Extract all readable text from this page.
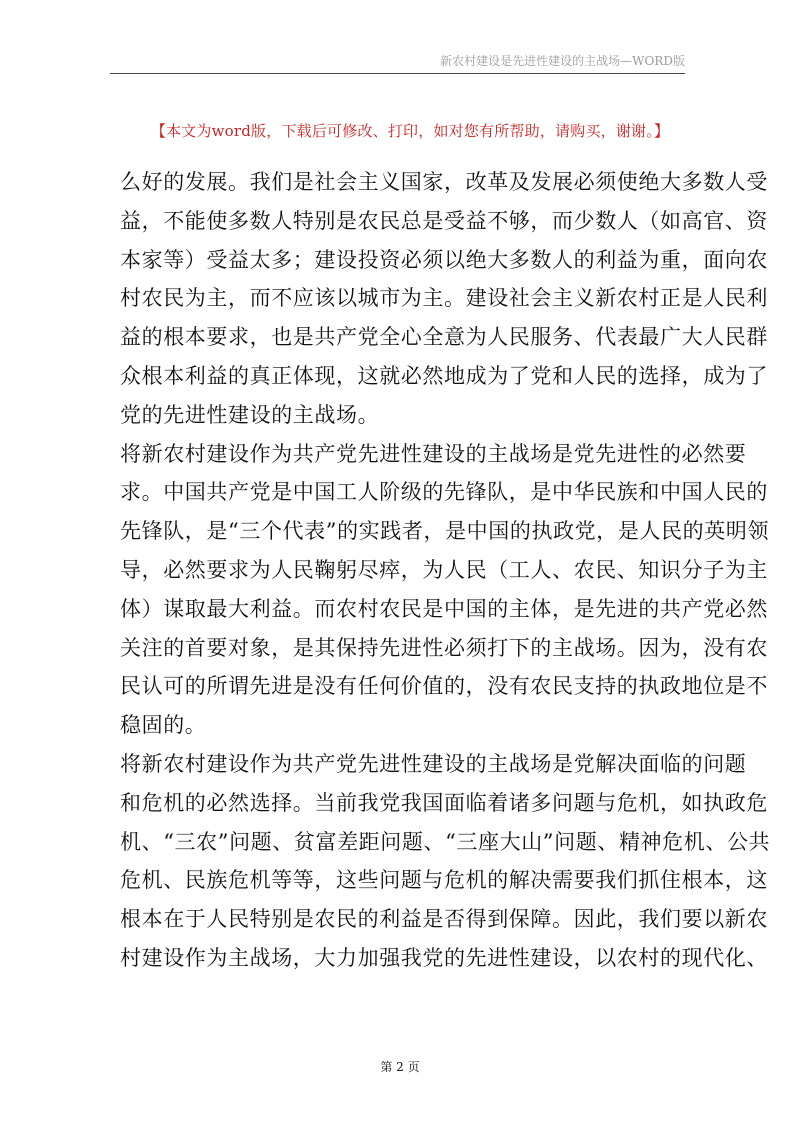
新农村建设是先进性建设的主战场—WORD版
【本文为word版，下载后可修改、打印，如对您有所帮助，请购买，谢谢。】
么好的发展。我们是社会主义国家，改革及发展必须使绝大多数人受
益，不能使多数人特别是农民总是受益不够，而少数人（如高官、资
本家等）受益太多；建设投资必须以绝大多数人的利益为重，面向农
村农民为主，而不应该以城市为主。建设社会主义新农村正是人民利
益的根本要求，也是共产党全心全意为人民服务、代表最广大人民群
众根本利益的真正体现，这就必然地成为了党和人民的选择，成为了
党的先进性建设的主战场。
将新农村建设作为共产党先进性建设的主战场是党先进性的必然要
求。中国共产党是中国工人阶级的先锋队，是中华民族和中国人民的
先锋队，是“三个代表”的实践者，是中国的执政党，是人民的英明领
导，必然要求为人民鞠躬尽瘁，为人民（工人、农民、知识分子为主
体）谋取最大利益。而农村农民是中国的主体，是先进的共产党必然
关注的首要对象，是其保持先进性必须打下的主战场。因为，没有农
民认可的所谓先进是没有任何价值的，没有农民支持的执政地位是不
稳固的。
将新农村建设作为共产党先进性建设的主战场是党解决面临的问题
和危机的必然选择。当前我党我国面临着诸多问题与危机，如执政危
机、“三农”问题、贫富差距问题、“三座大山”问题、精神危机、公共
危机、民族危机等等，这些问题与危机的解决需要我们抓住根本，这
根本在于人民特别是农民的利益是否得到保障。因此，我们要以新农
村建设作为主战场，大力加强我党的先进性建设，以农村的现代化、
第 2 页
